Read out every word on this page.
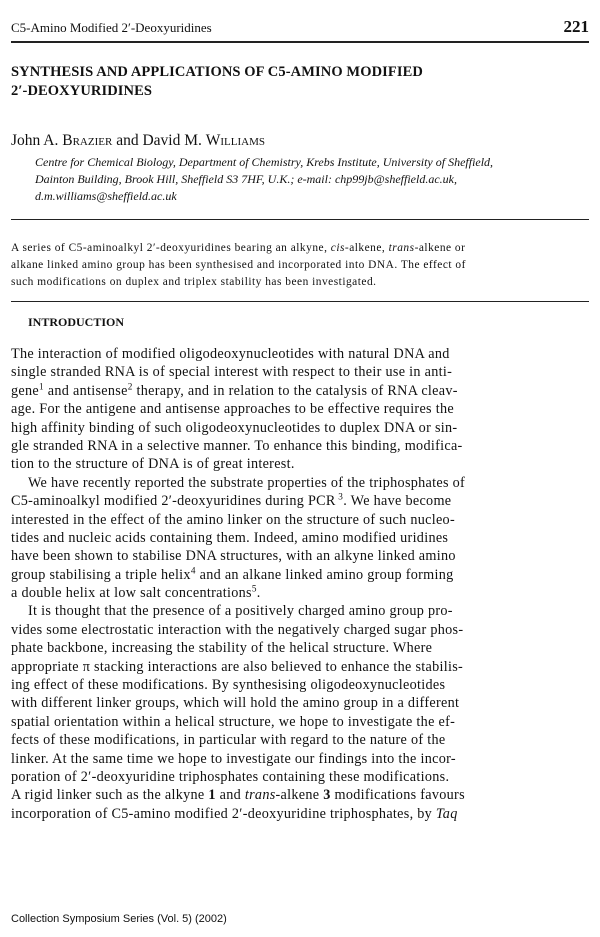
C5-Amino Modified 2′-Deoxyuridines	221
SYNTHESIS AND APPLICATIONS OF C5-AMINO MODIFIED
2′-DEOXYURIDINES
John A. Brazier and David M. Williams
Centre for Chemical Biology, Department of Chemistry, Krebs Institute, University of Sheffield,
Dainton Building, Brook Hill, Sheffield S3 7HF, U.K.; e-mail: chp99jb@sheffield.ac.uk,
d.m.williams@sheffield.ac.uk
A series of C5-aminoalkyl 2′-deoxyuridines bearing an alkyne, cis-alkene, trans-alkene or
alkane linked amino group has been synthesised and incorporated into DNA. The effect of
such modifications on duplex and triplex stability has been investigated.
INTRODUCTION
The interaction of modified oligodeoxynucleotides with natural DNA and
single stranded RNA is of special interest with respect to their use in anti-
gene$^1$ and antisense$^2$ therapy, and in relation to the catalysis of RNA cleav-
age. For the antigene and antisense approaches to be effective requires the
high affinity binding of such oligodeoxynucleotides to duplex DNA or sin-
gle stranded RNA in a selective manner. To enhance this binding, modifica-
tion to the structure of DNA is of great interest.
We have recently reported the substrate properties of the triphosphates of
C5-aminoalkyl modified 2′-deoxyuridines during PCR $^3$. We have become
interested in the effect of the amino linker on the structure of such nucleo-
tides and nucleic acids containing them. Indeed, amino modified uridines
have been shown to stabilise DNA structures, with an alkyne linked amino
group stabilising a triple helix$^4$ and an alkane linked amino group forming
a double helix at low salt concentrations$^5$.
It is thought that the presence of a positively charged amino group pro-
vides some electrostatic interaction with the negatively charged sugar phos-
phate backbone, increasing the stability of the helical structure. Where
appropriate π stacking interactions are also believed to enhance the stabilis-
ing effect of these modifications. By synthesising oligodeoxynucleotides
with different linker groups, which will hold the amino group in a different
spatial orientation within a helical structure, we hope to investigate the ef-
fects of these modifications, in particular with regard to the nature of the
linker. At the same time we hope to investigate our findings into the incor-
poration of 2′-deoxyuridine triphosphates containing these modifications.
A rigid linker such as the alkyne 1 and trans-alkene 3 modifications favours
incorporation of C5-amino modified 2′-deoxyuridine triphosphates, by Taq
Collection Symposium Series (Vol. 5) (2002)
